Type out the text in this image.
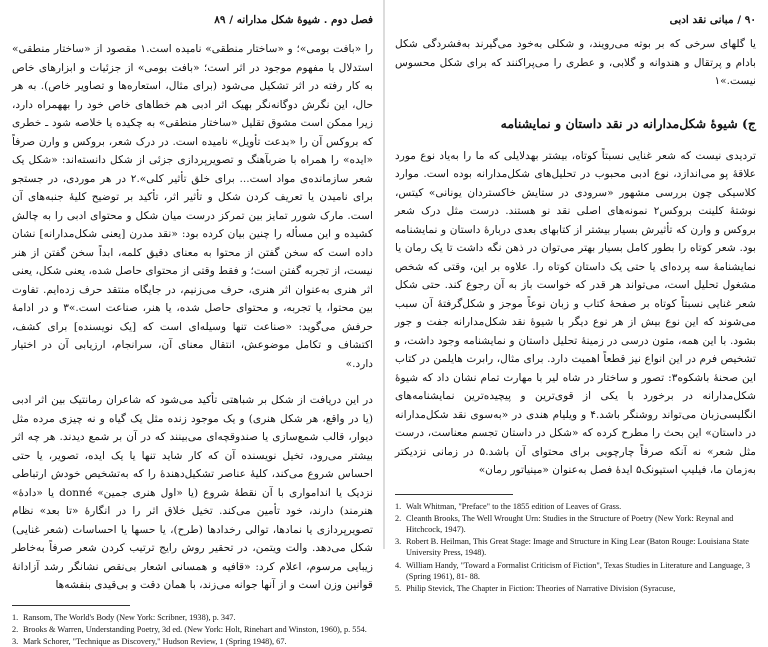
فصل دوم . شیوهٔ شکل مدارانه / ۸۹

را «بافت بومی»؛ و «ساختار منطقی» نامیده است.١ مقصود از «ساختار منطقی» استدلال یا مفهوم موجود در اثر است؛ «بافت بومی» از جزئیات و ابزارهای خاص به کار رفته در اثر تشکیل می‌شود (برای مثال، استعاره‌ها و تصاویر خاص). به هر حال، این نگرش دوگانه‌نگر بهیک اثر ادبی هم خطاهای خاص خود را بههمراه دارد، زیرا ممکن است مشوق تقلیل «ساختار منطقی» به چکیده یا خلاصه شود ـ خطری که بروکس آن را «بدعت تأویل» نامیده است. در درک شعر، بروکس و وارن صرفاً «ایده» را همراه با ضربآهنگ و تصویرپردازی جزئی از شکل دانسته‌اند: «شکل یک شعر سازمانده‌ی مواد است... برای خلق تأثیر کلی».٢ در هر موردی، در جستجو برای نامیدن یا تعریف کردن شکل و تأثیر اثر، تأکید بر توضیح کلیهٔ جنبه‌های آن است. مارک شورر تمایز بین تمرکز درست میان شکل و محتوای ادبی را به چالش کشیده و این مسأله را چنین بیان کرده بود: «نقد مدرن [یعنی شکل‌مدارانه] نشان داده است که سخن گفتن از محتوا به معنای دقیق کلمه، ابداً سخن گفتن از هنر نیست، از تجربه گفتن است؛ و فقط وقتی از محتوای حاصل شده، یعنی شکل، یعنی اثر هنری به‌عنوان اثر هنری، حرف می‌زنیم، در جایگاه منتقد حرف زده‌ایم. تفاوت بین محتوا، یا تجربه، و محتوای حاصل شده، یا هنر، صناعت است.»٣ و در ادامهٔ حرفش می‌گوید: «صناعت تنها وسیله‌ای است که [یک نویسنده] برای کشف، اکتشاف و تکامل موضوعش، انتقال معنای آن، سرانجام، ارزیابی آن در اختیار دارد.»

در این دریافت از شکل بر شباهتی تأکید می‌شود که شاعران رمانتیک بین اثر ادبی (یا در واقع، هر شکل هنری) و یک موجود زنده مثل یک گیاه و نه چیزی مرده مثل دیوار، قالب شمع‌سازی یا صندوقچه‌ای می‌بینند که در آن بر شمع دیدند. هر چه اثر بیشتر می‌رود، تخیل نویسنده آن که کار شاید تنها یا یک ایده، تصویر، یا حتی احساس شروع می‌کند، کلیهٔ عناصر تشکیل‌دهندهٔ را که به‌تشخیص خودش ارتباطی نزدیک یا اندامواری با آن نقطهٔ شروع (یا «اول هنری جمین» donné یا «دادهٔ» هنرمند) دارند، خود تأمین می‌کند. تخیل خلاق اثر را در انگارهٔ «تا بعد» نظام تصویرپردازی یا نمادها، توالی رخدادها (طرح)، یا حسها یا احساسات (شعر غنایی) شکل می‌دهد. والت ویتمن، در تحقیر روش رایج ترتیب کردن شعر صرفاً به‌خاطر زیبایی مرسوم، اعلام کرد: «قافیه و همسانی اشعار بی‌نقص نشانگر رشد آزادانهٔ قوانین وزن است و از آنها جوانه می‌زند، با همان دقت و بی‌قیدی بنفشه‌ها

1. Ransom, The World's Body (New York: Scribner, 1938), p. 347.
2. Brooks & Warren, Understanding Poetry, 3d ed. (New York: Holt, Rinehart and Winston, 1960), p. 554.
3. Mark Schorer, "Technique as Discovery," Hudson Review, 1 (Spring 1948), 67.
۹۰ / مبانی نقد ادبی

یا گلهای سرخی که بر بوته می‌رویند، و شکلی به‌خود می‌گیرند به‌فشردگی شکل بادام و پرتقال و هندوانه و گلابی، و عطری را می‌پراکنند که برای شکل محسوس نیست.»١

ج) شیوهٔ شکل‌مدارانه در نقد داستان و نمایشنامه

تردیدی نیست که شعر غنایی نسبتاً کوتاه، بیشتر بهدلایلی که ما را به‌یاد نوع مورد علاقهٔ پو می‌اندازد، نوع ادبی محبوب در تحلیل‌های شکل‌مدارانه بوده است. موارد کلاسیکی چون بررسی مشهور «سرودی در ستایش خاکستردان یونانی» کیتس، نوشتهٔ کلینت بروکس٢ نمونه‌های اصلی نقد نو هستند. درست مثل درک شعر بروکس و وارن که تأثیرش بسیار بیشتر از کتابهای بعدی دربارهٔ داستان و نمایشنامه بود. شعر کوتاه را بطور کامل بسیار بهتر می‌توان در ذهن نگه داشت تا یک رمان یا نمایشنامهٔ سه پرده‌ای یا حتی یک داستان کوتاه را. علاوه بر این، وقتی که شخص مشغول تحلیل است، می‌تواند هر قدر که خواست باز به آن رجوع کند. حتی شکل شعر غنایی نسبتاً کوتاه بر صفحهٔ کتاب و زبان نوعاً موجز و شکل‌گرفتهٔ آن سبب می‌شوند که این نوع بیش از هر نوع دیگر با شیوهٔ نقد شکل‌مدارانه جفت و جور بشود. با این همه، متون درسی در زمینهٔ تحلیل داستان و نمایشنامه وجود داشت، و تشخیص فرم در این انواع نیز قطعاً اهمیت دارد. برای مثال، رابرت هایلمن در کتاب این صحنهٔ باشکوه٣: تصور و ساختار در شاه لیر با مهارت تمام نشان داد که شیوهٔ شکل‌مدارانه در برخورد با یکی از قوی‌ترین و پیچیده‌ترین نمایشنامه‌های انگلیسی‌زبان می‌تواند روشنگر باشد.۴ و ویلیام هندی در «به‌سوی نقد شکل‌مدارانه در داستان» این بحث را مطرح کرده که «شکل در داستان تجسم معناست، درست مثل شعر» نه آنکه صرفاً چارچوبی برای محتوای آن باشد.۵ در زمانی نزدیکتر به‌زمان ما، فیلیپ استیونک۵ ایدهٔ فصل به‌عنوان «مینیاتور رمان»

1. Walt Whitman, "Preface" to the 1855 edition of Leaves of Grass.
2. Cleanth Brooks, The Well Wrought Urn: Studies in the Structure of Poetry (New York: Reynal and Hitchcock, 1947).
3. Robert B. Heilman, This Great Stage: Image and Structure in King Lear (Baton Rouge: Louisiana State University Press, 1948).
4. William Handy, "Toward a Formalist Criticism of Fiction", Texas Studies in Literature and Language, 3 (Spring 1961), 81- 88.
5. Philip Stevick, The Chapter in Fiction: Theories of Narrative Division (Syracuse,
